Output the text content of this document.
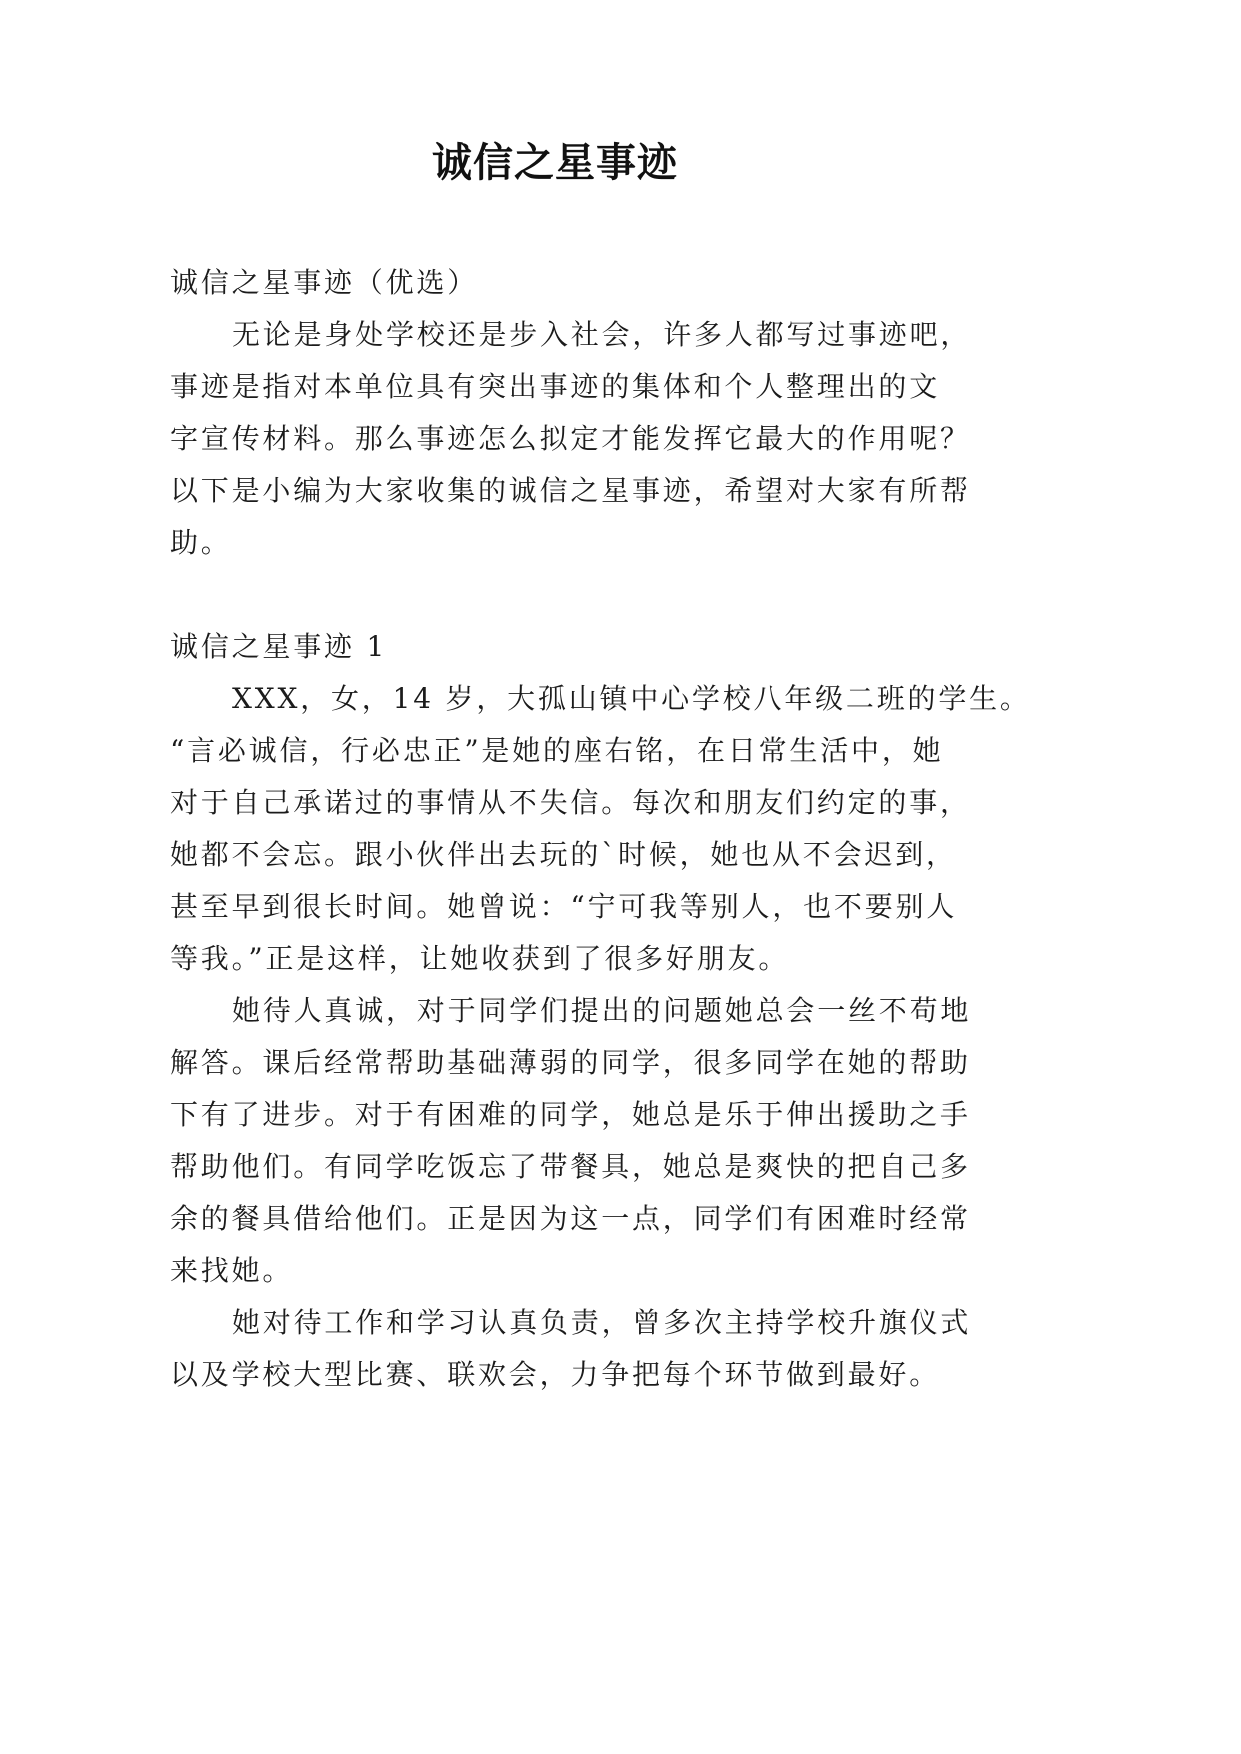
诚信之星事迹
诚信之星事迹（优选）
无论是身处学校还是步入社会，许多人都写过事迹吧，
事迹是指对本单位具有突出事迹的集体和个人整理出的文
字宣传材料。那么事迹怎么拟定才能发挥它最大的作用呢？
以下是小编为大家收集的诚信之星事迹，希望对大家有所帮
助。
诚信之星事迹 1
XXX，女，14 岁，大孤山镇中心学校八年级二班的学生。
“言必诚信，行必忠正”是她的座右铭，在日常生活中，她
对于自己承诺过的事情从不失信。每次和朋友们约定的事，
她都不会忘。跟小伙伴出去玩的`时候，她也从不会迟到，
甚至早到很长时间。她曾说：“宁可我等别人，也不要别人
等我。”正是这样，让她收获到了很多好朋友。
她待人真诚，对于同学们提出的问题她总会一丝不苟地
解答。课后经常帮助基础薄弱的同学，很多同学在她的帮助
下有了进步。对于有困难的同学，她总是乐于伸出援助之手
帮助他们。有同学吃饭忘了带餐具，她总是爽快的把自己多
余的餐具借给他们。正是因为这一点，同学们有困难时经常
来找她。
她对待工作和学习认真负责，曾多次主持学校升旗仪式
以及学校大型比赛、联欢会，力争把每个环节做到最好。
